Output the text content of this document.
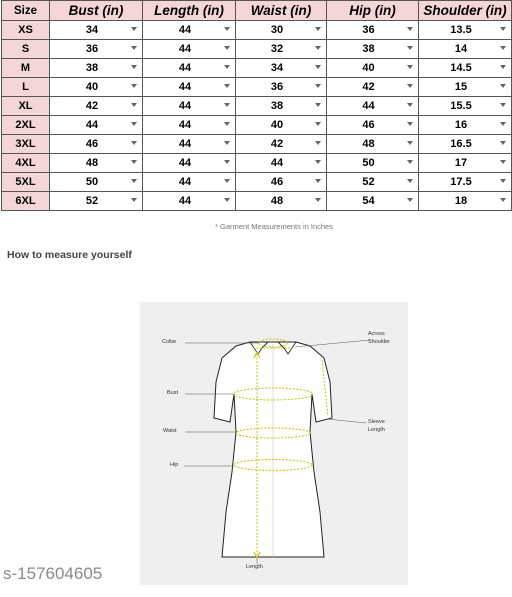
Size	Bust (in)	Length (in)	Waist (in)	Hip (in)	Shoulder (in)
XS	34	44	30	36	13.5

S	36	44	32	38	14

M	38	44	34	40	14.5

L	40	44	36	42	15

XL	42	44	38	44	15.5

2XL	44	44	40	46	16

3XL	46	44	42	48	16.5

4XL	48	44	44	50	17

5XL	50	44	46	52	17.5

6XL	52	44	48	54	18
* Garment Measurements in Inches
How to measure yourself
Collar
Across
Shoulder
Bust
Waist
Hip
Sleeve
Length
Length
s-157604605
